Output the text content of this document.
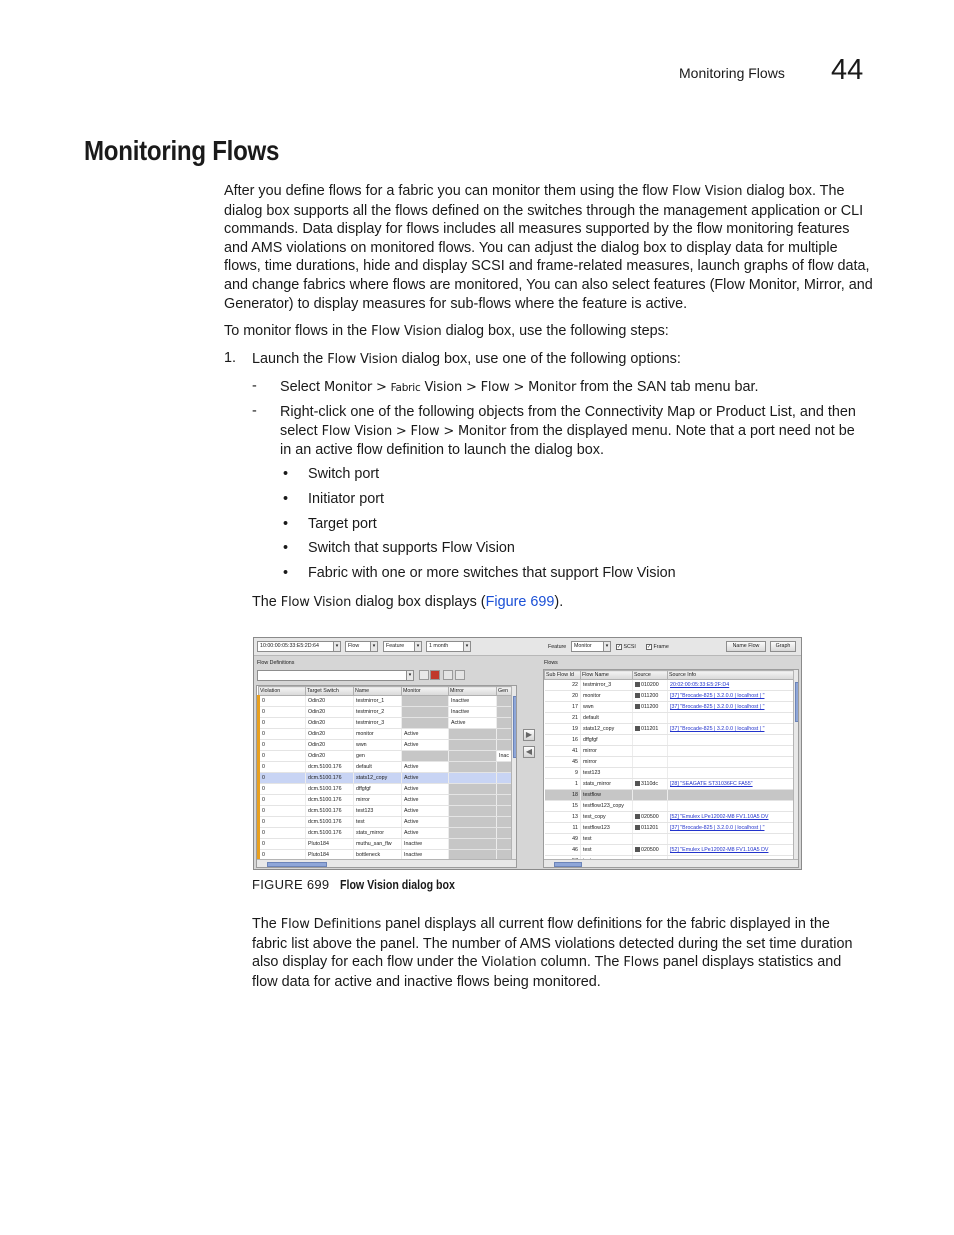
Monitoring Flows 44
Monitoring Flows
After you define flows for a fabric you can monitor them using the flow Flow Vision dialog box. The dialog box supports all the flows defined on the switches through the management application or CLI commands. Data display for flows includes all measures supported by the flow monitoring features and AMS violations on monitored flows. You can adjust the dialog box to display data for multiple flows, time durations, hide and display SCSI and frame-related measures, launch graphs of flow data, and change fabrics where flows are monitored, You can also select features (Flow Monitor, Mirror, and Generator) to display measures for sub-flows where the feature is active.
To monitor flows in the Flow Vision dialog box, use the following steps:
1. Launch the Flow Vision dialog box, use one of the following options:
- Select Monitor > Fabric Vision > Flow > Monitor from the SAN tab menu bar.
- Right-click one of the following objects from the Connectivity Map or Product List, and then
select Flow Vision > Flow > Monitor from the displayed menu. Note that a port need not be
in an active flow definition to launch the dialog box.
• Switch port
• Initiator port
• Target port
• Switch that supports Flow Vision
• Fabric with one or more switches that support Flow Vision
The Flow Vision dialog box displays (Figure 699).
10:00:00:05:33:E5:2D:64	▾	Flow	▾	Feature	▾	1 month	▾	Feature	Monitor	▾	✓ SCSI ✓ Frame	Name Flow	Graph
Flow Definitions
▾
Violation	Target Switch	Name	Monitor	Mirror	Gen
0	Odin20	testmirror_1		Inactive	
0	Odin20	testmirror_2		Inactive	
0	Odin20	testmirror_3		Active	
0	Odin20	monitor	Active		
0	Odin20	wwn	Active		
0	Odin20	gen			Inac
0	dcm.5100.176	default	Active		
0	dcm.5100.176	stats12_copy	Active		
0	dcm.5100.176	dffgfgf	Active		
0	dcm.5100.176	mirror	Active		
0	dcm.5100.176	test123	Active		
0	dcm.5100.176	test	Active		
0	dcm.5100.176	stats_mirror	Active		
0	Pluto184	muthu_san_flw	Inactive		
0	Pluto184	bottleneck	Inactive		
▶
◀
Flows
Sub Flow Id	Flow Name	Source	Source Info
22	testmirror_3	010200	20:02:00:05:33:E5:2F:D4
20	monitor	011200	[37] "Brocade-825 | 3.2.0.0 | localhost | "
17	wwn	011200	[37] "Brocade-825 | 3.2.0.0 | localhost | "
21	default		
19	stats12_copy	011201	[37] "Brocade-825 | 3.2.0.0 | localhost | "
16	dffgfgf		
41	mirror		
45	mirror		
9	test123		
1	stats_mirror	3110dc	[28] "SEAGATE ST31036FC FA55"
18	testflow		
15	testflow123_copy		
13	test_copy	020500	[52] "Emulex LPe12002-M8 FV1.10A5 DV
11	testflow123	011201	[37] "Brocade-825 | 3.2.0.0 | localhost | "
49	test		
46	test	020500	[52] "Emulex LPe12002-M8 FV1.10A5 DV

FIGURE 699 Flow Vision dialog box
The Flow Definitions panel displays all current flow definitions for the fabric displayed in the
fabric list above the panel. The number of AMS violations detected during the set time duration
also display for each flow under the Violation column. The Flows panel displays statistics and
flow data for active and inactive flows being monitored.
